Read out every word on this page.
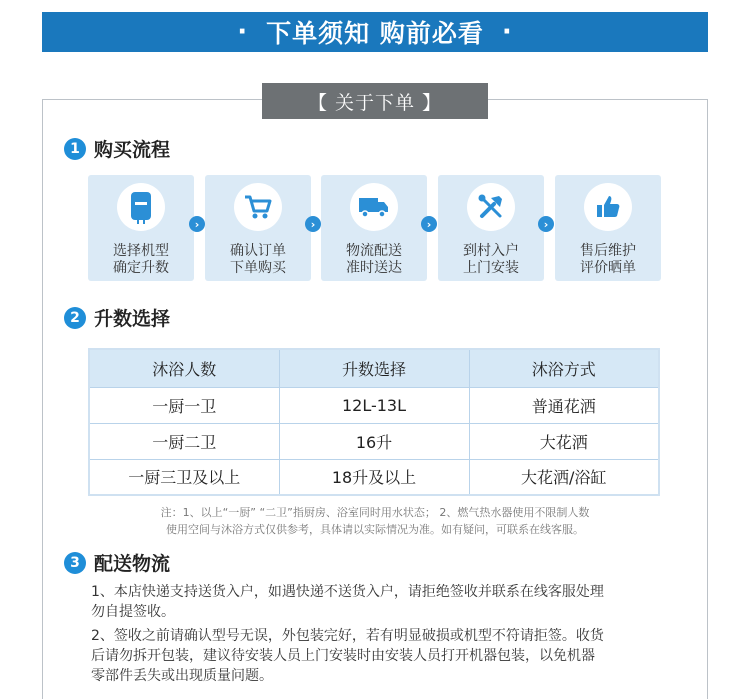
· 下单须知 购前必看 ·
【 关于下单 】
1 购买流程
选择机型
确定升数
›
确认订单
下单购买
›
物流配送
准时送达
›
到村入户
上门安装
›
售后维护
评价晒单
2 升数选择
沐浴人数	升数选择	沐浴方式
一厨一卫	12L-13L	普通花洒
一厨二卫	16升	大花洒
一厨三卫及以上	18升及以上	大花洒/浴缸
注：1、以上“一厨” “二卫”指厨房、浴室同时用水状态； 2、燃气热水器使用不限制人数
使用空间与沐浴方式仅供参考，具体请以实际情况为准。如有疑问，可联系在线客服。
3 配送物流
1、本店快递支持送货入户，如遇快递不送货入户，请拒绝签收并联系在线客服处理
勿自提签收。
2、签收之前请确认型号无误，外包装完好，若有明显破损或机型不符请拒签。收货
后请勿拆开包装，建议待安装人员上门安装时由安装人员打开机器包装，以免机器
零部件丢失或出现质量问题。
